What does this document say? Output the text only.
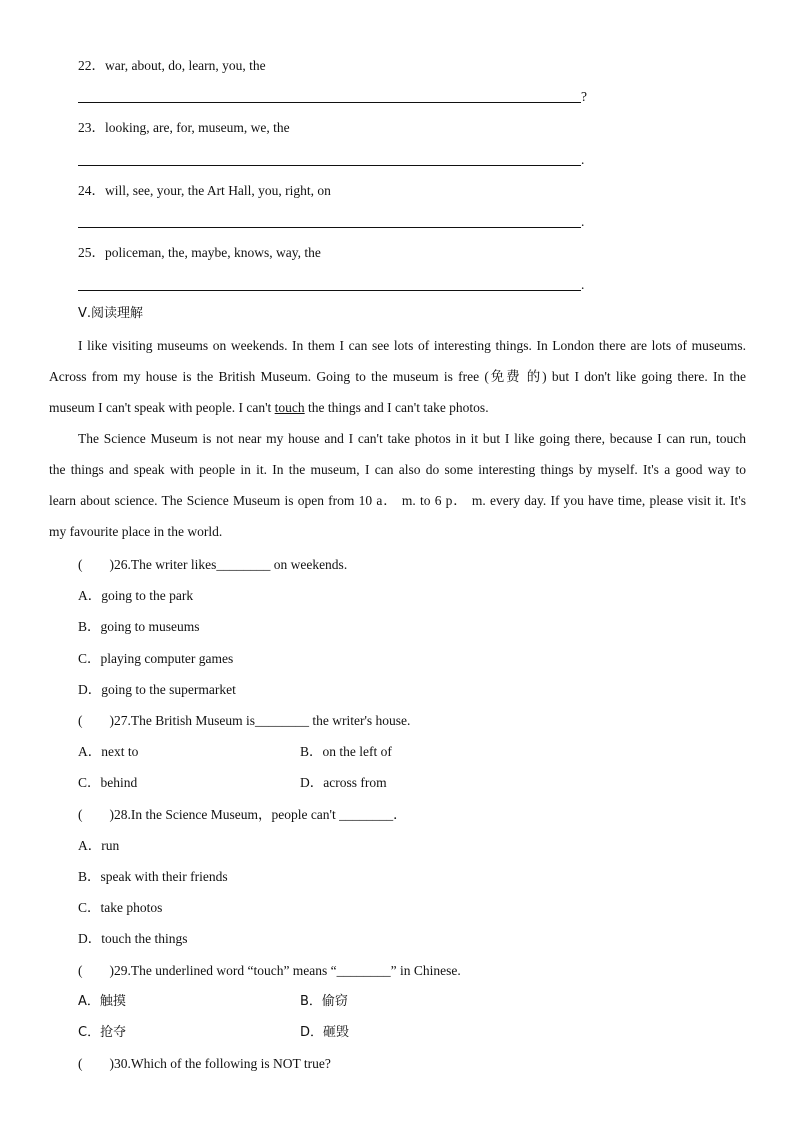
22．war, about, do, learn, you, the
?
23．looking, are, for, museum, we, the
.
24．will, see, your, the Art Hall, you, right, on
.
25．policeman, the, maybe, knows, way, the
.
Ⅴ.阅读理解
I like visiting museums on weekends. In them I can see lots of interesting things. In London there are lots of museums.
Across from my house is the British Museum. Going to the museum is free (免费 的) but I don't like going there. In the
museum I can't speak with people. I can't touch the things and I can't take photos.
The Science Museum is not near my house and I can't take photos in it but I like going there, because I can run, touch
the things and speak with people in it. In the museum, I can also do some interesting things by myself. It's a good way to
learn about science. The Science Museum is open from 10 a． m. to 6 p． m. every day. If you have time, please visit it. It's
my favourite place in the world.
(　　)26.The writer likes________ on weekends.
A．going to the park
B．going to museums
C．playing computer games
D．going to the supermarket
(　　)27.The British Museum is________ the writer's house.
A．next to	B．on the left of
C．behind	D．across from
(　　)28.In the Science Museum，people can't ________．
A．run
B．speak with their friends
C．take photos
D．touch the things
(　　)29.The underlined word “touch” means “________” in Chinese.
A．触摸	B．偷窃
C．抢夺	D．砸毁
(　　)30.Which of the following is NOT true?
